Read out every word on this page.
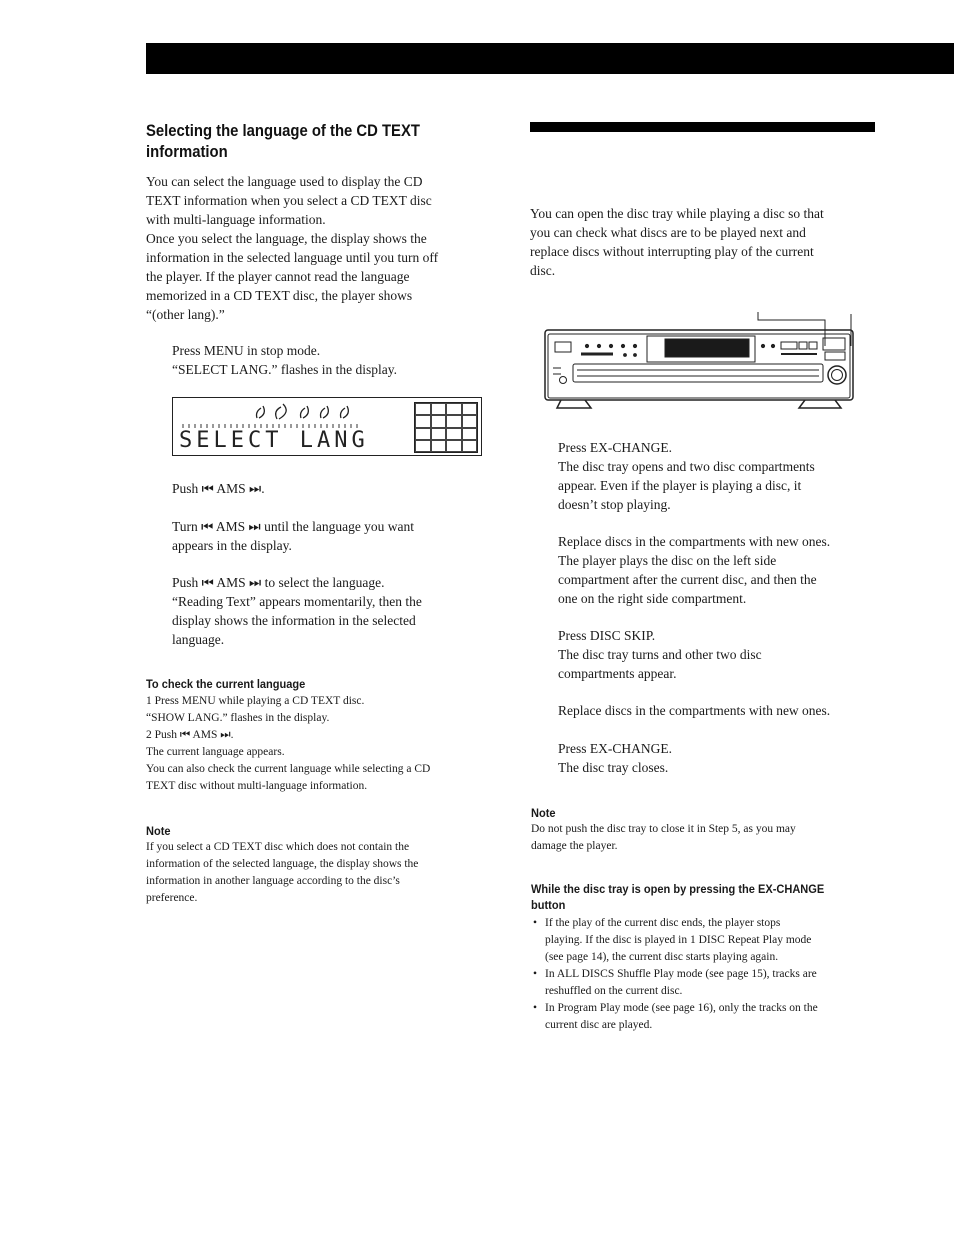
Selecting the language of the CD TEXT
information

You can select the language used to display the CD

TEXT information when you select a CD TEXT disc

with multi-language information.

Once you select the language, the display shows the

information in the selected language until you turn off

the player. If the player cannot read the language

memorized in a CD TEXT disc, the player shows

“(other lang).”

Press MENU in stop mode.

“SELECT LANG.” flashes in the display.

SELECT LANG

Push ⏮ AMS ⏭.

Turn ⏮ AMS ⏭ until the language you want

appears in the display.

Push ⏮ AMS ⏭ to select the language.

“Reading Text” appears momentarily, then the

display shows the information in the selected

language.

To check the current language

1 Press MENU while playing a CD TEXT disc.

“SHOW LANG.” flashes in the display.

2 Push ⏮ AMS ⏭.

The current language appears.

You can also check the current language while selecting a CD

TEXT disc without multi-language information.

Note

If you select a CD TEXT disc which does not contain the

information of the selected language, the display shows the

information in another language according to the disc’s

preference.

You can open the disc tray while playing a disc so that

you can check what discs are to be played next and

replace discs without interrupting play of the current

disc.

Press EX-CHANGE.

The disc tray opens and two disc compartments

appear. Even if the player is playing a disc, it

doesn’t stop playing.

Replace discs in the compartments with new ones.

The player plays the disc on the left side

compartment after the current disc, and then the

one on the right side compartment.

Press DISC SKIP.

The disc tray turns and other two disc

compartments appear.

Replace discs in the compartments with new ones.

Press EX-CHANGE.

The disc tray closes.

Note

Do not push the disc tray to close it in Step 5, as you may

damage the player.

While the disc tray is open by pressing the EX-CHANGE
button

• If the play of the current disc ends, the player stops

playing. If the disc is played in 1 DISC Repeat Play mode

(see page 14), the current disc starts playing again.

• In ALL DISCS Shuffle Play mode (see page 15), tracks are

reshuffled on the current disc.

• In Program Play mode (see page 16), only the tracks on the

current disc are played.
